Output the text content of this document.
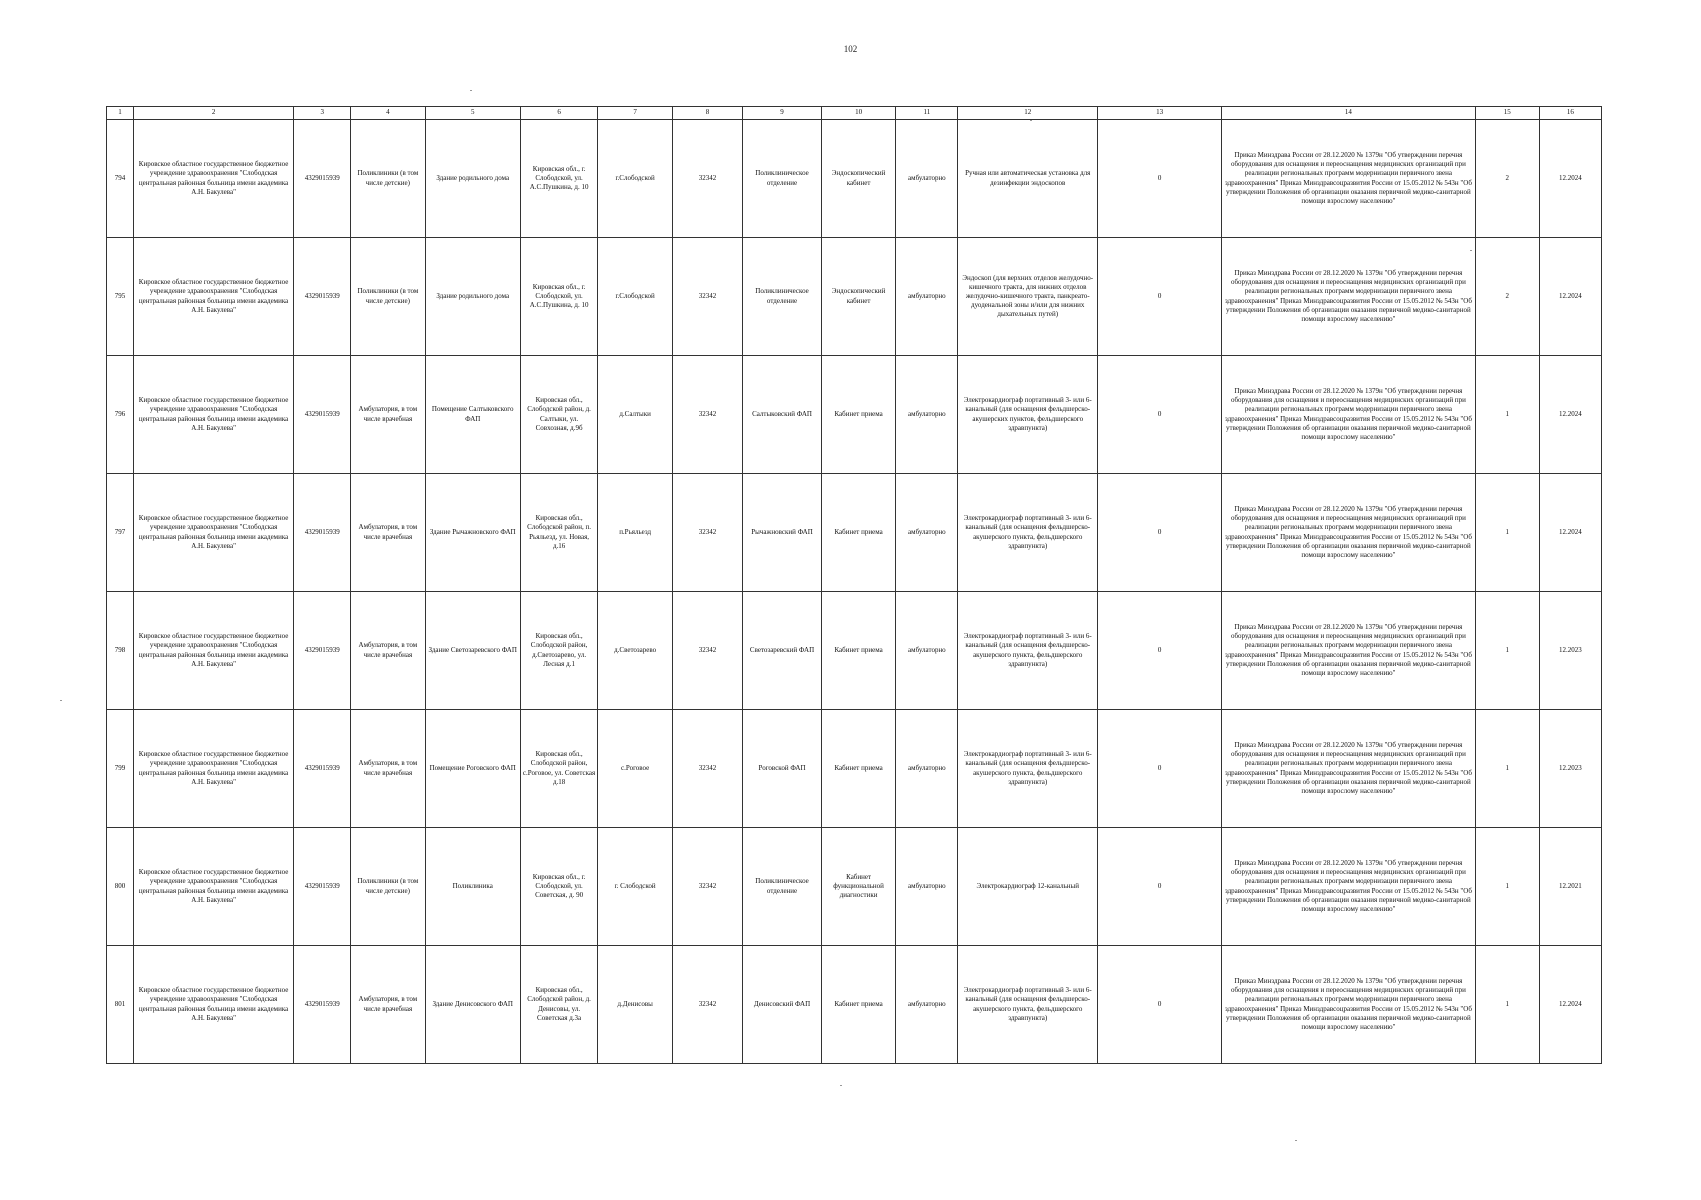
102
1	2	3	4	5	6	7	8	9	10	11	12	13	14	15	16
794	Кировское областное государственное бюджетное учреждение здравоохранения "Слободская центральная районная больница имени академика А.Н. Бакулева"	4329015939	Поликлиники (в том числе детские)	Здание родильного дома	Кировская обл., г. Слободской, ул. А.С.Пушкина, д. 10	г.Слободской	32342	Поликлиническое отделение	Эндоскопический кабинет	амбулаторно	Ручная или автоматическая установка для дезинфекции эндоскопов	0	Приказ Минздрава России от 28.12.2020 № 1379н "Об утверждении перечня оборудования для оснащения и переоснащения медицинских организаций при реализации региональных программ модернизации первичного звена здравоохранения" Приказ Минздравсоцразвития России от 15.05.2012 № 543н "Об утверждении Положения об организации оказания первичной медико-санитарной помощи взрослому населению"	2	12.2024
795	Кировское областное государственное бюджетное учреждение здравоохранения "Слободская центральная районная больница имени академика А.Н. Бакулева"	4329015939	Поликлиники (в том числе детские)	Здание родильного дома	Кировская обл., г. Слободской, ул. А.С.Пушкина, д. 10	г.Слободской	32342	Поликлиническое отделение	Эндоскопический кабинет	амбулаторно	Эндоскоп (для верхних отделов желудочно-кишечного тракта, для нижних отделов желудочно-кишечного тракта, панкреато-дуоденальной зоны и/или для нижних дыхательных путей)	0	Приказ Минздрава России от 28.12.2020 № 1379н "Об утверждении перечня оборудования для оснащения и переоснащения медицинских организаций при реализации региональных программ модернизации первичного звена здравоохранения" Приказ Минздравсоцразвития России от 15.05.2012 № 543н "Об утверждении Положения об организации оказания первичной медико-санитарной помощи взрослому населению"	2	12.2024
796	Кировское областное государственное бюджетное учреждение здравоохранения "Слободская центральная районная больница имени академика А.Н. Бакулева"	4329015939	Амбулатория, в том числе врачебная	Помещение Салтыковского ФАП	Кировская обл., Слободской район, д. Салтыки, ул. Совхозная, д.9б	д.Салтыки	32342	Салтыковский ФАП	Кабинет приема	амбулаторно	Электрокардиограф портативный 3- или 6-канальный (для оснащения фельдшерско-акушерских пунктов, фельдшерского здравпункта)	0	Приказ Минздрава России от 28.12.2020 № 1379н "Об утверждении перечня оборудования для оснащения и переоснащения медицинских организаций при реализации региональных программ модернизации первичного звена здравоохранения" Приказ Минздравсоцразвития России от 15.05.2012 № 543н "Об утверждении Положения об организации оказания первичной медико-санитарной помощи взрослому населению"	1	12.2024
797	Кировское областное государственное бюджетное учреждение здравоохранения "Слободская центральная районная больница имени академика А.Н. Бакулева"	4329015939	Амбулатория, в том числе врачебная	Здание Рычажновского ФАП	Кировская обл., Слободской район, п. Рьяльезд, ул. Новая, д.16	п.Рьяльезд	32342	Рычажновский ФАП	Кабинет приема	амбулаторно	Электрокардиограф портативный 3- или 6-канальный (для оснащения фельдшерско-акушерского пункта, фельдшерского здравпункта)	0	Приказ Минздрава России от 28.12.2020 № 1379н "Об утверждении перечня оборудования для оснащения и переоснащения медицинских организаций при реализации региональных программ модернизации первичного звена здравоохранения" Приказ Минздравсоцразвития России от 15.05.2012 № 543н "Об утверждении Положения об организации оказания первичной медико-санитарной помощи взрослому населению"	1	12.2024
798	Кировское областное государственное бюджетное учреждение здравоохранения "Слободская центральная районная больница имени академика А.Н. Бакулева"	4329015939	Амбулатория, в том числе врачебная	Здание Светозаревского ФАП	Кировская обл., Слободской район, д.Светозарево, ул. Лесная д.1	д.Светозарево	32342	Светозаревский ФАП	Кабинет приема	амбулаторно	Электрокардиограф портативный 3- или 6-канальный (для оснащения фельдшерско-акушерского пункта, фельдшерского здравпункта)	0	Приказ Минздрава России от 28.12.2020 № 1379н "Об утверждении перечня оборудования для оснащения и переоснащения медицинских организаций при реализации региональных программ модернизации первичного звена здравоохранения" Приказ Минздравсоцразвития России от 15.05.2012 № 543н "Об утверждении Положения об организации оказания первичной медико-санитарной помощи взрослому населению"	1	12.2023
799	Кировское областное государственное бюджетное учреждение здравоохранения "Слободская центральная районная больница имени академика А.Н. Бакулева"	4329015939	Амбулатория, в том числе врачебная	Помещение Роговского ФАП	Кировская обл., Слободской район, с.Роговое, ул. Советская д.18	с.Роговое	32342	Роговской ФАП	Кабинет приема	амбулаторно	Электрокардиограф портативный 3- или 6-канальный (для оснащения фельдшерско-акушерского пункта, фельдшерского здравпункта)	0	Приказ Минздрава России от 28.12.2020 № 1379н "Об утверждении перечня оборудования для оснащения и переоснащения медицинских организаций при реализации региональных программ модернизации первичного звена здравоохранения" Приказ Минздравсоцразвития России от 15.05.2012 № 543н "Об утверждении Положения об организации оказания первичной медико-санитарной помощи взрослому населению"	1	12.2023
800	Кировское областное государственное бюджетное учреждение здравоохранения "Слободская центральная районная больница имени академика А.Н. Бакулева"	4329015939	Поликлиники (в том числе детские)	Поликлиника	Кировская обл., г. Слободской, ул. Советская, д. 90	г. Слободской	32342	Поликлиническое отделение	Кабинет функциональной диагностики	амбулаторно	Электрокардиограф 12-канальный	0	Приказ Минздрава России от 28.12.2020 № 1379н "Об утверждении перечня оборудования для оснащения и переоснащения медицинских организаций при реализации региональных программ модернизации первичного звена здравоохранения" Приказ Минздравсоцразвития России от 15.05.2012 № 543н "Об утверждении Положения об организации оказания первичной медико-санитарной помощи взрослому населению"	1	12.2021
801	Кировское областное государственное бюджетное учреждение здравоохранения "Слободская центральная районная больница имени академика А.Н. Бакулева"	4329015939	Амбулатория, в том числе врачебная	Здание Денисовского ФАП	Кировская обл., Слободской район, д. Денисовы, ул. Советская д.3а	д.Денисовы	32342	Денисовский ФАП	Кабинет приема	амбулаторно	Электрокардиограф портативный 3- или 6-канальный (для оснащения фельдшерско-акушерского пункта, фельдшерского здравпункта)	0	Приказ Минздрава России от 28.12.2020 № 1379н "Об утверждении перечня оборудования для оснащения и переоснащения медицинских организаций при реализации региональных программ модернизации первичного звена здравоохранения" Приказ Минздравсоцразвития России от 15.05.2012 № 543н "Об утверждении Положения об организации оказания первичной медико-санитарной помощи взрослому населению"	1	12.2024
